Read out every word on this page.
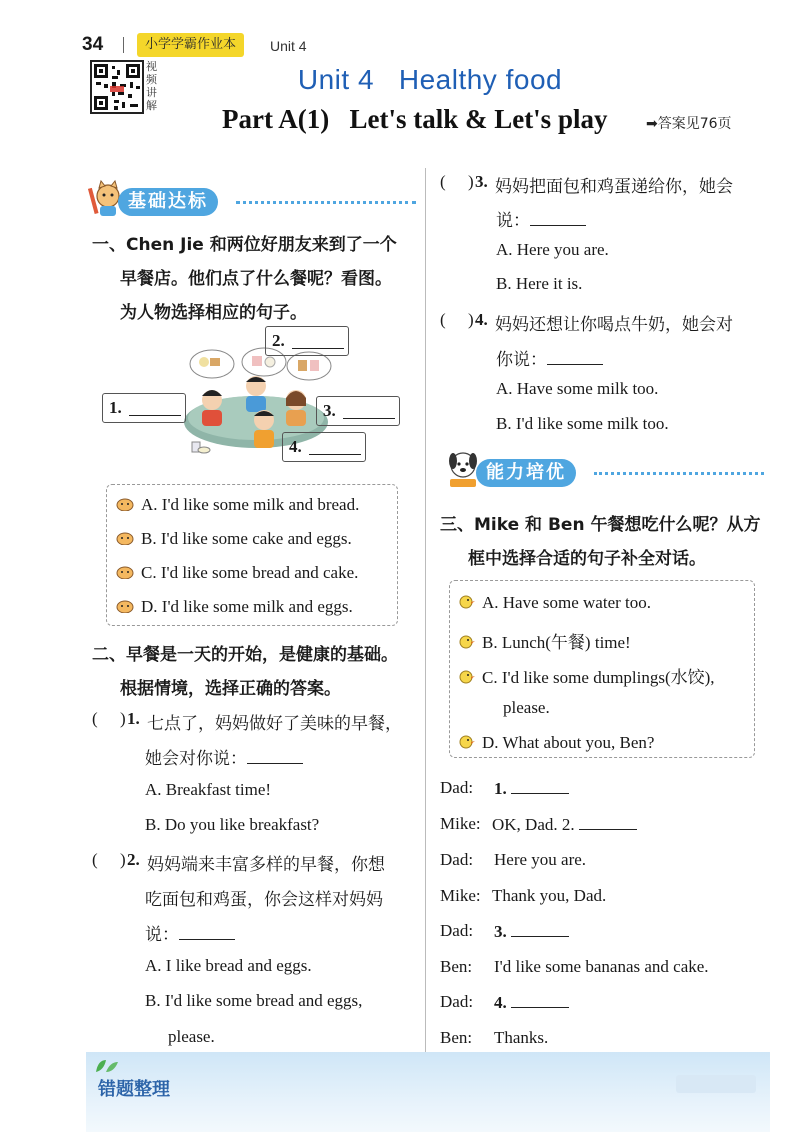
34	小学学霸作业本	Unit 4
视频讲解
Unit 4   Healthy food
Part A(1)   Let's talk & Let's play	➡答案见76页
基础达标
一、Chen Jie 和两位好朋友来到了一个
早餐店。他们点了什么餐呢？看图。
为人物选择相应的句子。
1.
2.
3.
4.
A. I'd like some milk and bread.
B. I'd like some cake and eggs.
C. I'd like some bread and cake.
D. I'd like some milk and eggs.
二、早餐是一天的开始，是健康的基础。
根据情境，选择正确的答案。
( ) 1. 七点了，妈妈做好了美味的早餐，
她会对你说：
A. Breakfast time!
B. Do you like breakfast?
( ) 2. 妈妈端来丰富多样的早餐，你想
吃面包和鸡蛋，你会这样对妈妈
说：
A. I like bread and eggs.
B. I'd like some bread and eggs,
please.
( ) 3. 妈妈把面包和鸡蛋递给你，她会
说：
A. Here you are.
B. Here it is.
( ) 4. 妈妈还想让你喝点牛奶，她会对
你说：
A. Have some milk too.
B. I'd like some milk too.
能力培优
三、Mike 和 Ben 午餐想吃什么呢？从方
框中选择合适的句子补全对话。
A. Have some water too.
B. Lunch(午餐) time!
C. I'd like some dumplings(水饺),
please.
D. What about you, Ben?
Dad: 1.
Mike: OK, Dad. 2.
Dad: Here you are.
Mike: Thank you, Dad.
Dad: 3.
Ben: I'd like some bananas and cake.
Dad: 4.
Ben: Thanks.
错题整理
